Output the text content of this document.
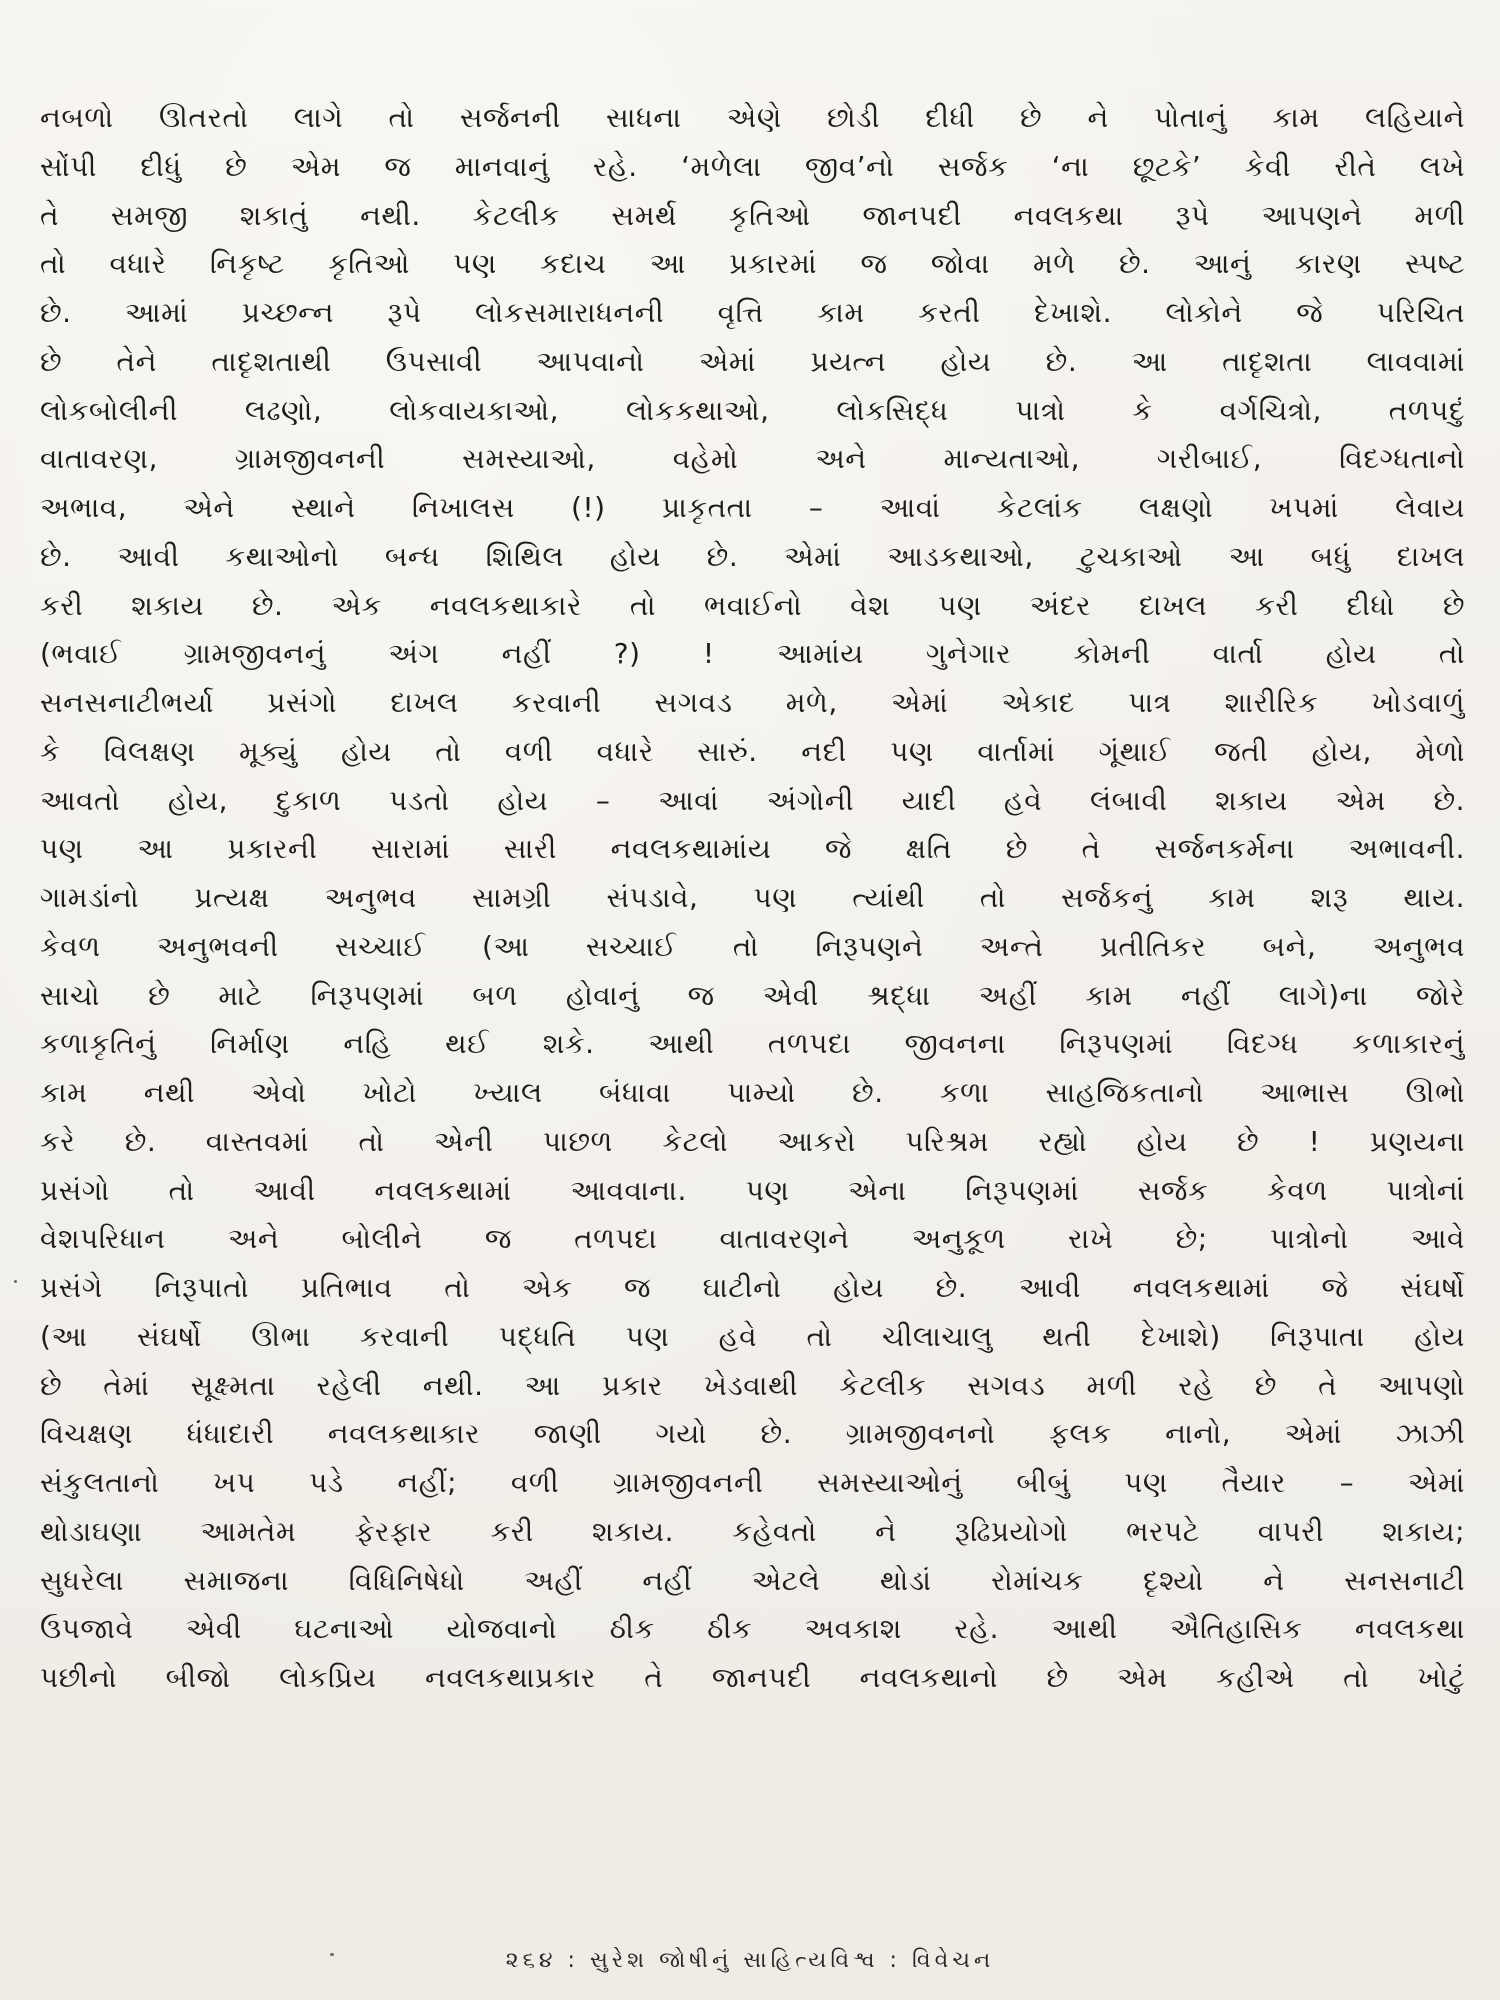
નબળો ઊતરતો લાગે તો સર્જનની સાધના એણે છોડી દીધી છે ને પોતાનું કામ લહિયાને
સોંપી દીધું છે એમ જ માનવાનું રહે. ‘મળેલા જીવ’નો સર્જક ‘ના છૂટકે’ કેવી રીતે લખે
તે સમજી શકાતું નથી. કેટલીક સમર્થ કૃતિઓ જાનપદી નવલકથા રૂપે આપણને મળી
તો વધારે નિકૃષ્ટ કૃતિઓ પણ કદાચ આ પ્રકારમાં જ જોવા મળે છે. આનું કારણ સ્પષ્ટ
છે. આમાં પ્રચ્છન્ન રૂપે લોકસમારાધનની વૃત્તિ કામ કરતી દેખાશે. લોકોને જે પરિચિત
છે તેને તાદૃશતાથી ઉપસાવી આપવાનો એમાં પ્રયત્ન હોય છે. આ તાદૃશતા લાવવામાં
લોકબોલીની લઢણો, લોકવાયકાઓ, લોકકથાઓ, લોકસિદ્ધ પાત્રો કે વર્ગચિત્રો, તળપદું
વાતાવરણ, ગ્રામજીવનની સમસ્યાઓ, વહેમો અને માન્યતાઓ, ગરીબાઈ, વિદગ્ધતાનો
અભાવ, એને સ્થાને નિખાલસ (!) પ્રાકૃતતા – આવાં કેટલાંક લક્ષણો ખપમાં લેવાય
છે. આવી કથાઓનો બન્ધ શિથિલ હોય છે. એમાં આડકથાઓ, ટુચકાઓ આ બધું દાખલ
કરી શકાય છે. એક નવલકથાકારે તો ભવાઈનો વેશ પણ અંદર દાખલ કરી દીધો છે
(ભવાઈ ગ્રામજીવનનું અંગ નહીં ?) ! આમાંય ગુનેગાર કોમની વાર્તા હોય તો
સનસનાટીભર્યા પ્રસંગો દાખલ કરવાની સગવડ મળે, એમાં એકાદ પાત્ર શારીરિક ખોડવાળું
કે વિલક્ષણ મૂક્યું હોય તો વળી વધારે સારું. નદી પણ વાર્તામાં ગૂંથાઈ જતી હોય, મેળો
આવતો હોય, દુકાળ પડતો હોય – આવાં અંગોની યાદી હવે લંબાવી શકાય એમ છે.
પણ આ પ્રકારની સારામાં સારી નવલકથામાંય જે ક્ષતિ છે તે સર્જનકર્મના અભાવની.
ગામડાંનો પ્રત્યક્ષ અનુભવ સામગ્રી સંપડાવે, પણ ત્યાંથી તો સર્જકનું કામ શરૂ થાય.
કેવળ અનુભવની સચ્ચાઈ (આ સચ્ચાઈ તો નિરૂપણને અન્તે પ્રતીતિકર બને, અનુભવ
સાચો છે માટે નિરૂપણમાં બળ હોવાનું જ એવી શ્રદ્ધા અહીં કામ નહીં લાગે)ના જોરે
કળાકૃતિનું નિર્માણ નહિ થઈ શકે. આથી તળપદા જીવનના નિરૂપણમાં વિદગ્ધ કળાકારનું
કામ નથી એવો ખોટો ખ્યાલ બંધાવા પામ્યો છે. કળા સાહજિકતાનો આભાસ ઊભો
કરે છે. વાસ્તવમાં તો એની પાછળ કેટલો આકરો પરિશ્રમ રહ્યો હોય છે ! પ્રણયના
પ્રસંગો તો આવી નવલકથામાં આવવાના. પણ એના નિરૂપણમાં સર્જક કેવળ પાત્રોનાં
વેશપરિધાન અને બોલીને જ તળપદા વાતાવરણને અનુકૂળ રાખે છે; પાત્રોનો આવે
પ્રસંગે નિરૂપાતો પ્રતિભાવ તો એક જ ઘાટીનો હોય છે. આવી નવલકથામાં જે સંઘર્ષો
(આ સંઘર્ષો ઊભા કરવાની પદ્ધતિ પણ હવે તો ચીલાચાલુ થતી દેખાશે) નિરૂપાતા હોય
છે તેમાં સૂક્ષ્મતા રહેલી નથી. આ પ્રકાર ખેડવાથી કેટલીક સગવડ મળી રહે છે તે આપણો
વિચક્ષણ ધંધાદારી નવલકથાકાર જાણી ગયો છે. ગ્રામજીવનનો ફલક નાનો, એમાં ઝાઝી
સંકુલતાનો ખપ પડે નહીં; વળી ગ્રામજીવનની સમસ્યાઓનું બીબું પણ તૈયાર – એમાં
થોડાઘણા આમતેમ ફેરફાર કરી શકાય. કહેવતો ને રૂઢિપ્રયોગો ભરપટે વાપરી શકાય;
સુધરેલા સમાજના વિધિનિષેધો અહીં નહીં એટલે થોડાં રોમાંચક દૃશ્યો ને સનસનાટી
ઉપજાવે એવી ઘટનાઓ યોજવાનો ઠીક ઠીક અવકાશ રહે. આથી ઐતિહાસિક નવલકથા
પછીનો બીજો લોકપ્રિય નવલકથાપ્રકાર તે જાનપદી નવલકથાનો છે એમ કહીએ તો ખોટું
૨૬૪ : સુરેશ જોષીનું સાહિત્યવિશ્વ : વિવેચન
